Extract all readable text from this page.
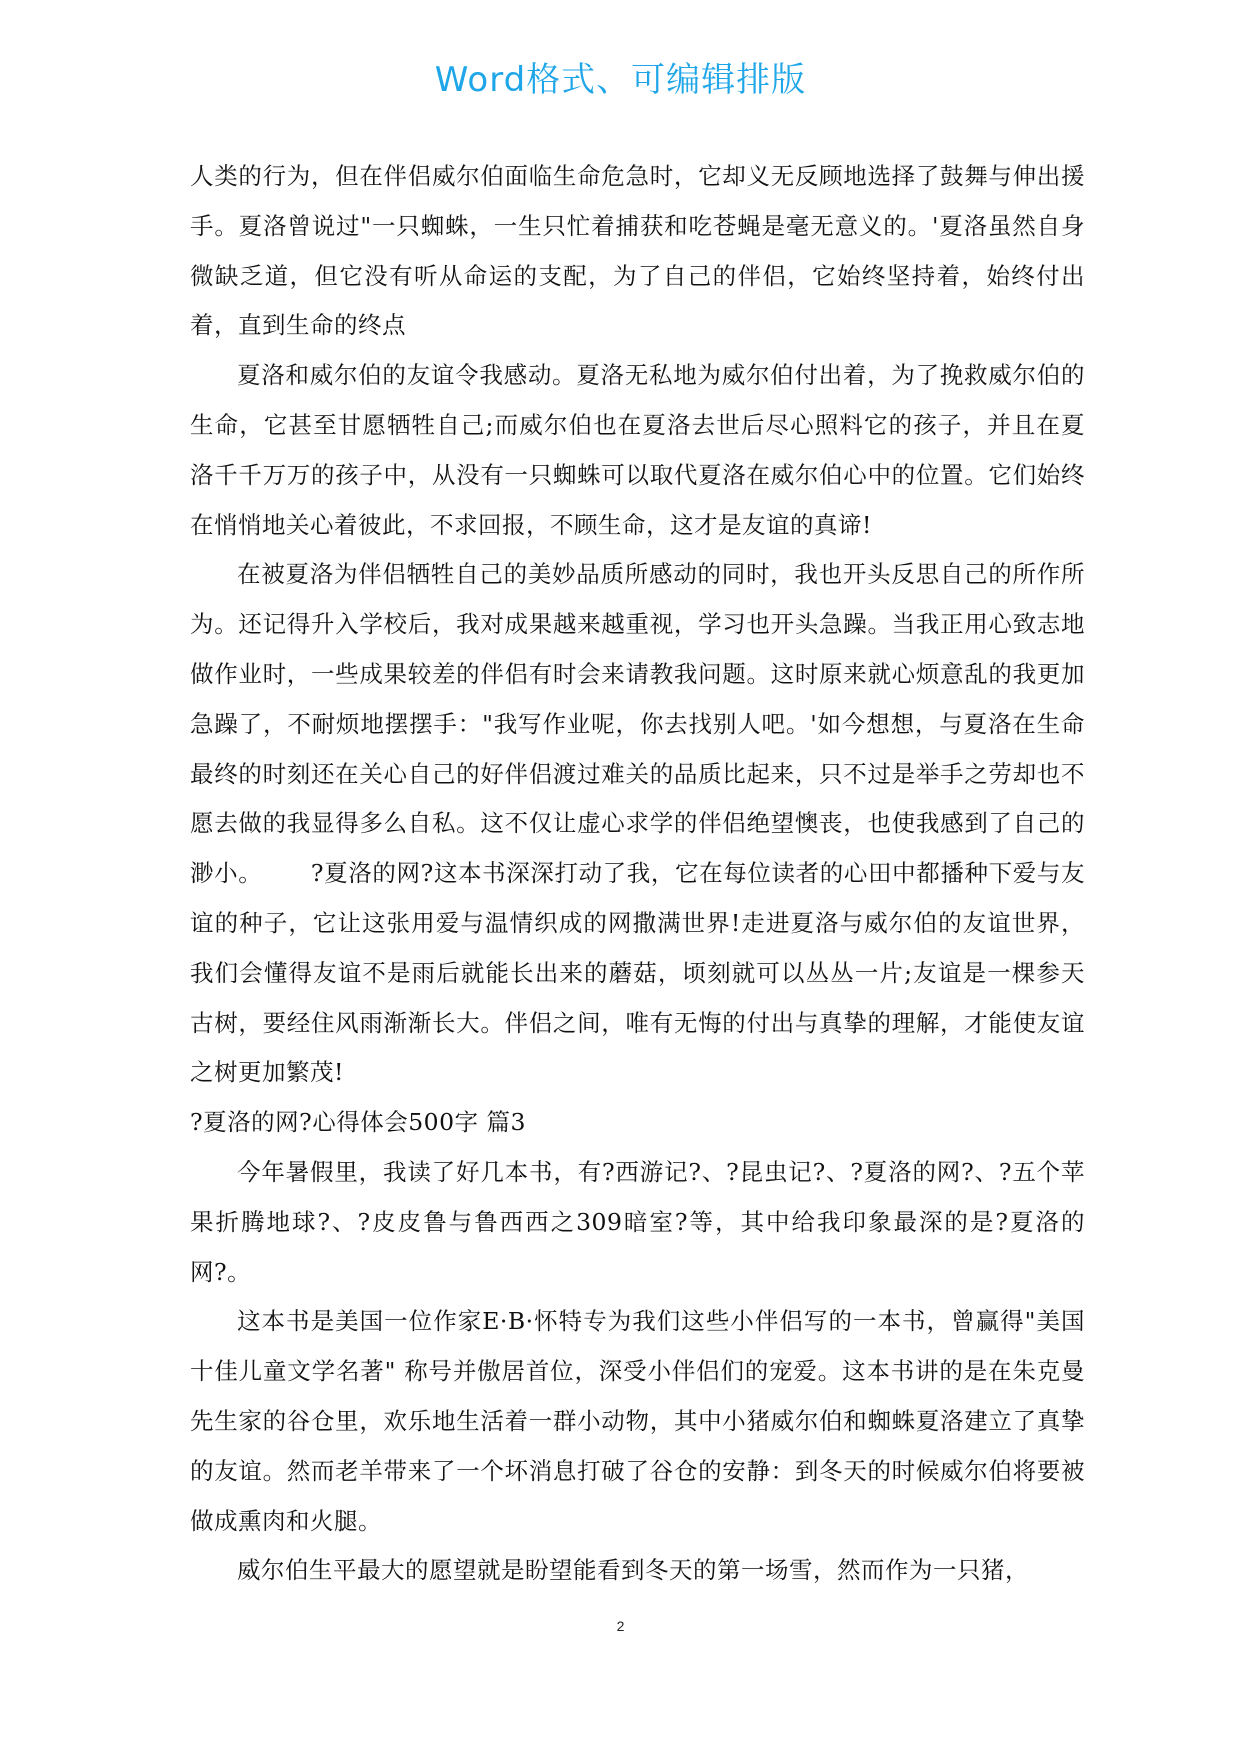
Word格式、可编辑排版

人类的行为，但在伴侣威尔伯面临生命危急时，它却义无反顾地选择了鼓舞与伸出援手。夏洛曾说过"一只蜘蛛，一生只忙着捕获和吃苍蝇是毫无意义的。'夏洛虽然自身微缺乏道，但它没有听从命运的支配，为了自己的伴侣，它始终坚持着，始终付出着，直到生命的终点

夏洛和威尔伯的友谊令我感动。夏洛无私地为威尔伯付出着，为了挽救威尔伯的生命，它甚至甘愿牺牲自己;而威尔伯也在夏洛去世后尽心照料它的孩子，并且在夏洛千千万万的孩子中，从没有一只蜘蛛可以取代夏洛在威尔伯心中的位置。它们始终在悄悄地关心着彼此，不求回报，不顾生命，这才是友谊的真谛!

在被夏洛为伴侣牺牲自己的美妙品质所感动的同时，我也开头反思自己的所作所为。还记得升入学校后，我对成果越来越重视，学习也开头急躁。当我正用心致志地做作业时，一些成果较差的伴侣有时会来请教我问题。这时原来就心烦意乱的我更加急躁了，不耐烦地摆摆手："我写作业呢，你去找别人吧。'如今想想，与夏洛在生命最终的时刻还在关心自己的好伴侣渡过难关的品质比起来，只不过是举手之劳却也不愿去做的我显得多么自私。这不仅让虚心求学的伴侣绝望懊丧，也使我感到了自己的渺小。      ?夏洛的网?这本书深深打动了我，它在每位读者的心田中都播种下爱与友谊的种子，它让这张用爱与温情织成的网撒满世界!走进夏洛与威尔伯的友谊世界，我们会懂得友谊不是雨后就能长出来的蘑菇，顷刻就可以丛丛一片;友谊是一棵参天古树，要经住风雨渐渐长大。伴侣之间，唯有无悔的付出与真挚的理解，才能使友谊之树更加繁茂!

?夏洛的网?心得体会500字 篇3

今年暑假里，我读了好几本书，有?西游记?、?昆虫记?、?夏洛的网?、?五个苹果折腾地球?、?皮皮鲁与鲁西西之309暗室?等，其中给我印象最深的是?夏洛的网?。

这本书是美国一位作家E·B·怀特专为我们这些小伴侣写的一本书，曾赢得"美国十佳儿童文学名著" 称号并傲居首位，深受小伴侣们的宠爱。这本书讲的是在朱克曼先生家的谷仓里，欢乐地生活着一群小动物，其中小猪威尔伯和蜘蛛夏洛建立了真挚的友谊。然而老羊带来了一个坏消息打破了谷仓的安静：到冬天的时候威尔伯将要被做成熏肉和火腿。

威尔伯生平最大的愿望就是盼望能看到冬天的第一场雪，然而作为一只猪，

2
